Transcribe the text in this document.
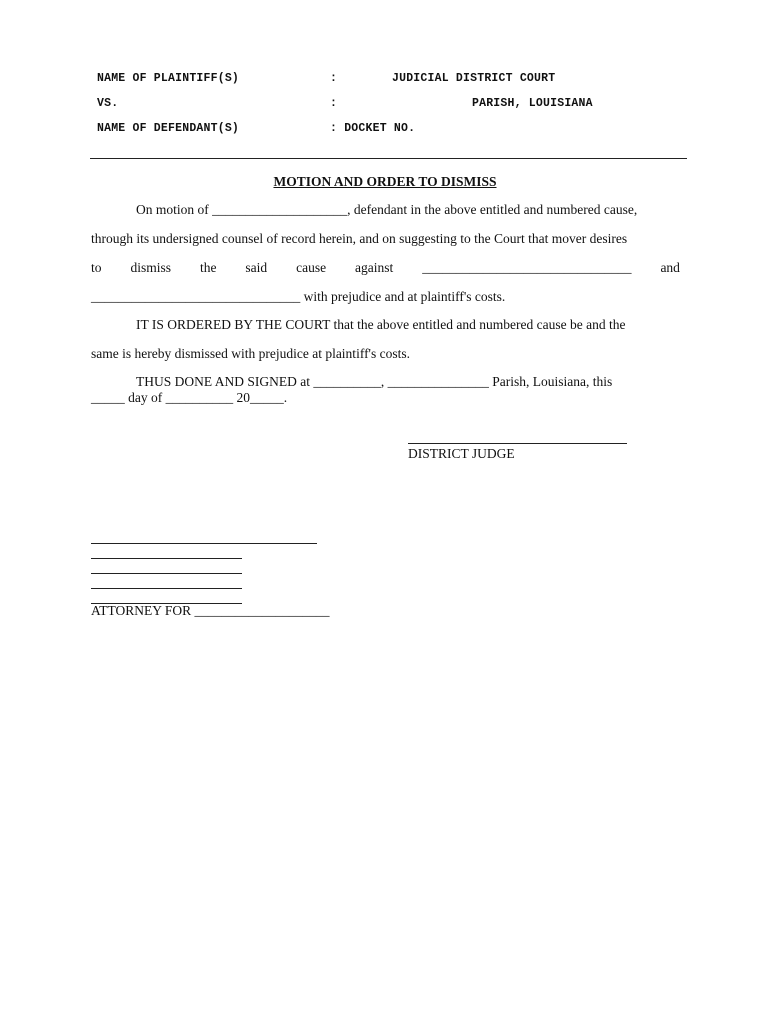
NAME OF PLAINTIFF(S)	:	JUDICIAL DISTRICT COURT
VS.	:	PARISH, LOUISIANA
NAME OF DEFENDANT(S)	: DOCKET NO.
MOTION AND ORDER TO DISMISS
On motion of ____________________, defendant in the above entitled and numbered cause,
through its undersigned counsel of record herein, and on suggesting to the Court that mover desires
to dismiss the said cause against _______________________________ and
_______________________________ with prejudice and at plaintiff's costs.
IT IS ORDERED BY THE COURT that the above entitled and numbered cause be and the
same is hereby dismissed with prejudice at plaintiff's costs.
THUS DONE AND SIGNED at __________, _______________ Parish, Louisiana, this
_____ day of __________ 20_____.
DISTRICT JUDGE
ATTORNEY FOR ____________________
